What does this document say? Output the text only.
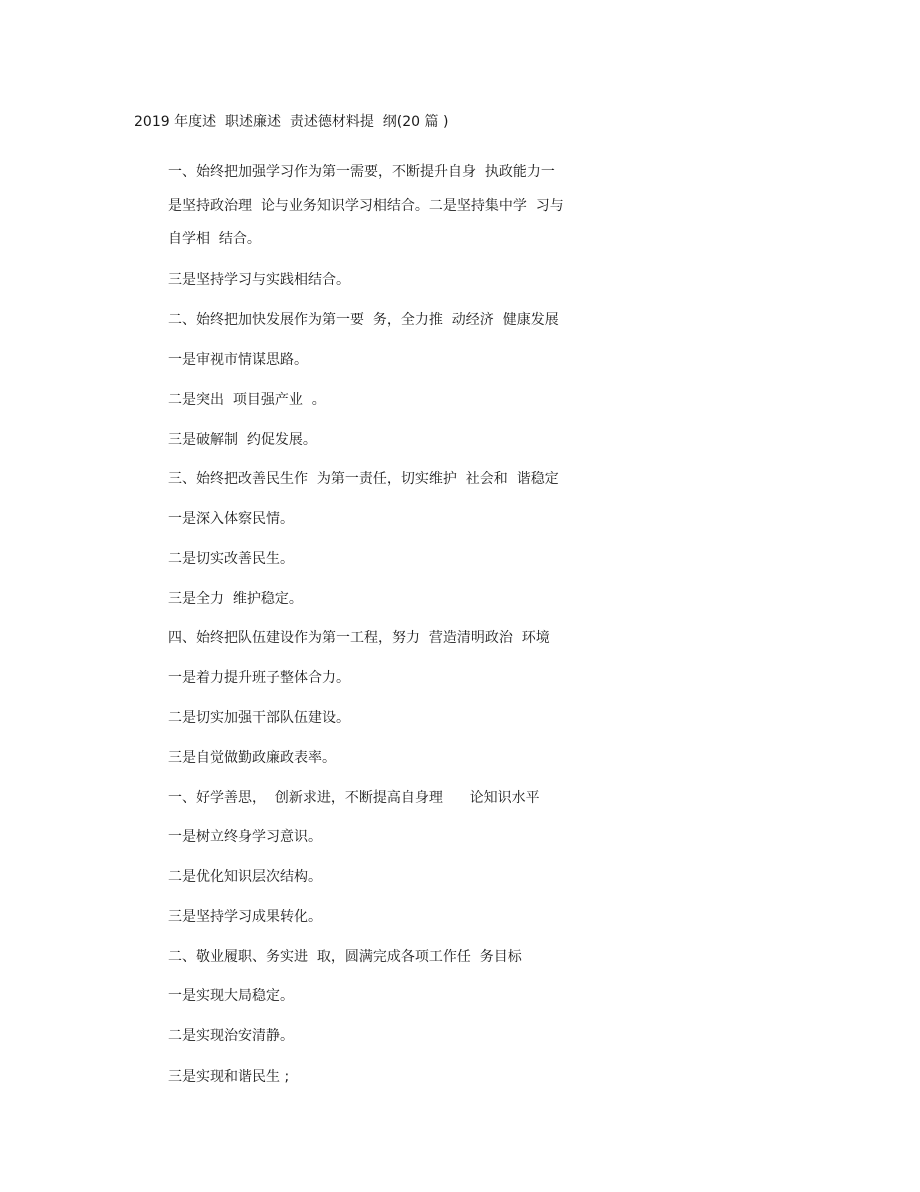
2019 年度述  职述廉述  责述德材料提  纲(20 篇 )

一、始终把加强学习作为第一需要，不断提升自身  执政能力一

是坚持政治理  论与业务知识学习相结合。二是坚持集中学  习与

自学相  结合。

三是坚持学习与实践相结合。

二、始终把加快发展作为第一要  务，全力推  动经济  健康发展

一是审视市情谋思路。

二是突出  项目强产业  。

三是破解制  约促发展。

三、始终把改善民生作  为第一责任，切实维护  社会和  谐稳定

一是深入体察民情。

二是切实改善民生。

三是全力  维护稳定。

四、始终把队伍建设作为第一工程，努力  营造清明政治  环境

一是着力提升班子整体合力。

二是切实加强干部队伍建设。

三是自觉做勤政廉政表率。

一、好学善思，  创新求进，不断提高自身理      论知识水平

一是树立终身学习意识。

二是优化知识层次结构。

三是坚持学习成果转化。

二、敬业履职、务实进  取，圆满完成各项工作任  务目标

一是实现大局稳定。

二是实现治安清静。

三是实现和谐民生 ;
